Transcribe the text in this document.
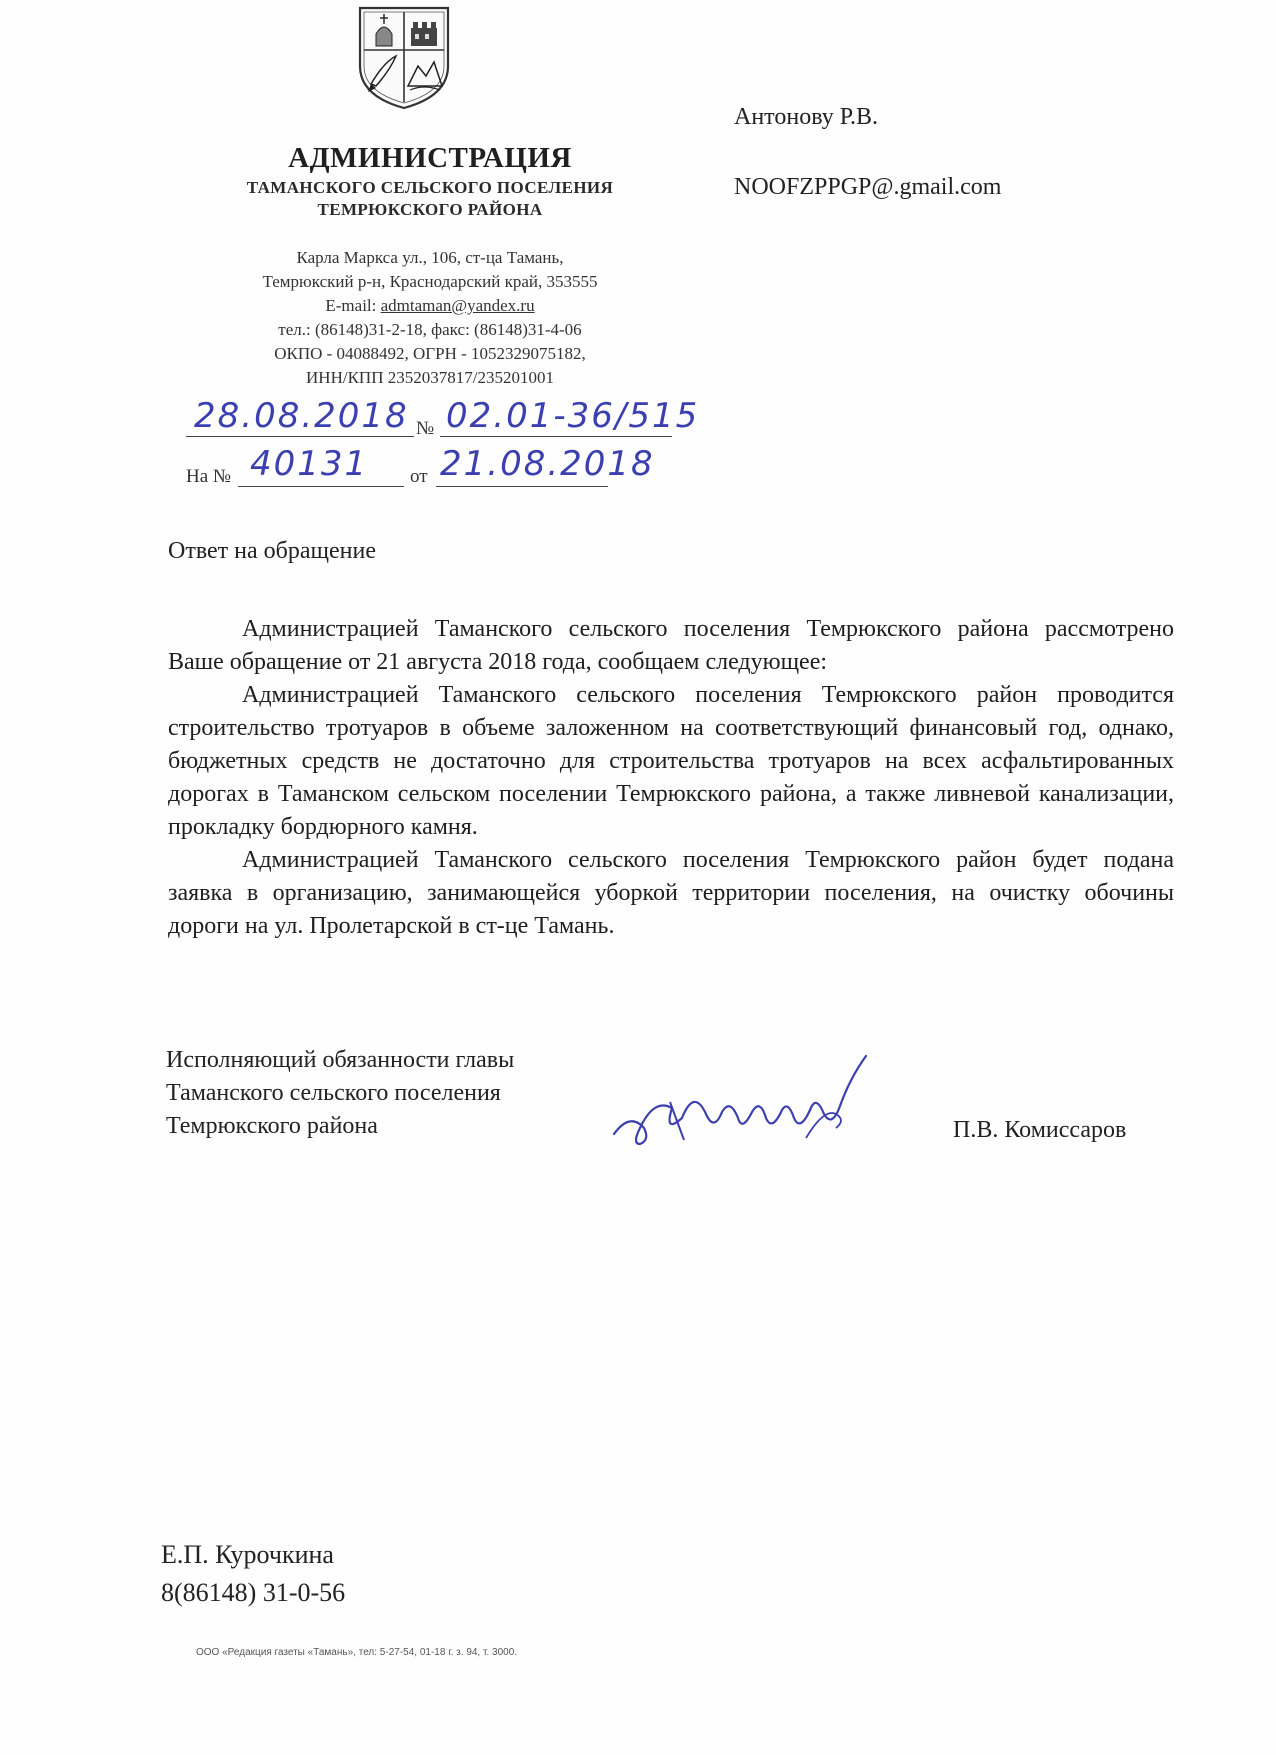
АДМИНИСТРАЦИЯ
ТАМАНСКОГО СЕЛЬСКОГО ПОСЕЛЕНИЯ
ТЕМРЮКСКОГО РАЙОНА
Карла Маркса ул., 106, ст-ца Тамань,
Темрюкский р-н, Краснодарский край, 353555
E-mail: admtaman@yandex.ru
тел.: (86148)31-2-18, факс: (86148)31-4-06
ОКПО - 04088492, ОГРН - 1052329075182,
ИНН/КПП 2352037817/235201001
Антонову Р.В.
NOOFZPPGP@.gmail.com
28.08.2018 № 02.01-36/515
На № 40131 от 21.08.2018
Ответ на обращение

Администрацией Таманского сельского поселения Темрюкского района рассмотрено Ваше обращение от 21 августа 2018 года, сообщаем следующее:

Администрацией Таманского сельского поселения Темрюкского район проводится строительство тротуаров в объеме заложенном на соответствующий финансовый год, однако, бюджетных средств не достаточно для строительства тротуаров на всех асфальтированных дорогах в Таманском сельском поселении Темрюкского района, а также ливневой канализации, прокладку бордюрного камня.

Администрацией Таманского сельского поселения Темрюкского район будет подана заявка в организацию, занимающейся уборкой территории поселения, на очистку обочины дороги на ул. Пролетарской в ст-це Тамань.

Исполняющий обязанности главы
Таманского сельского поселения
Темрюкского района	П.В. Комиссаров
Е.П. Курочкина
8(86148) 31-0-56
ООО «Редакция газеты «Тамань», тел: 5-27-54, 01-18 г. з. 94, т. 3000.
